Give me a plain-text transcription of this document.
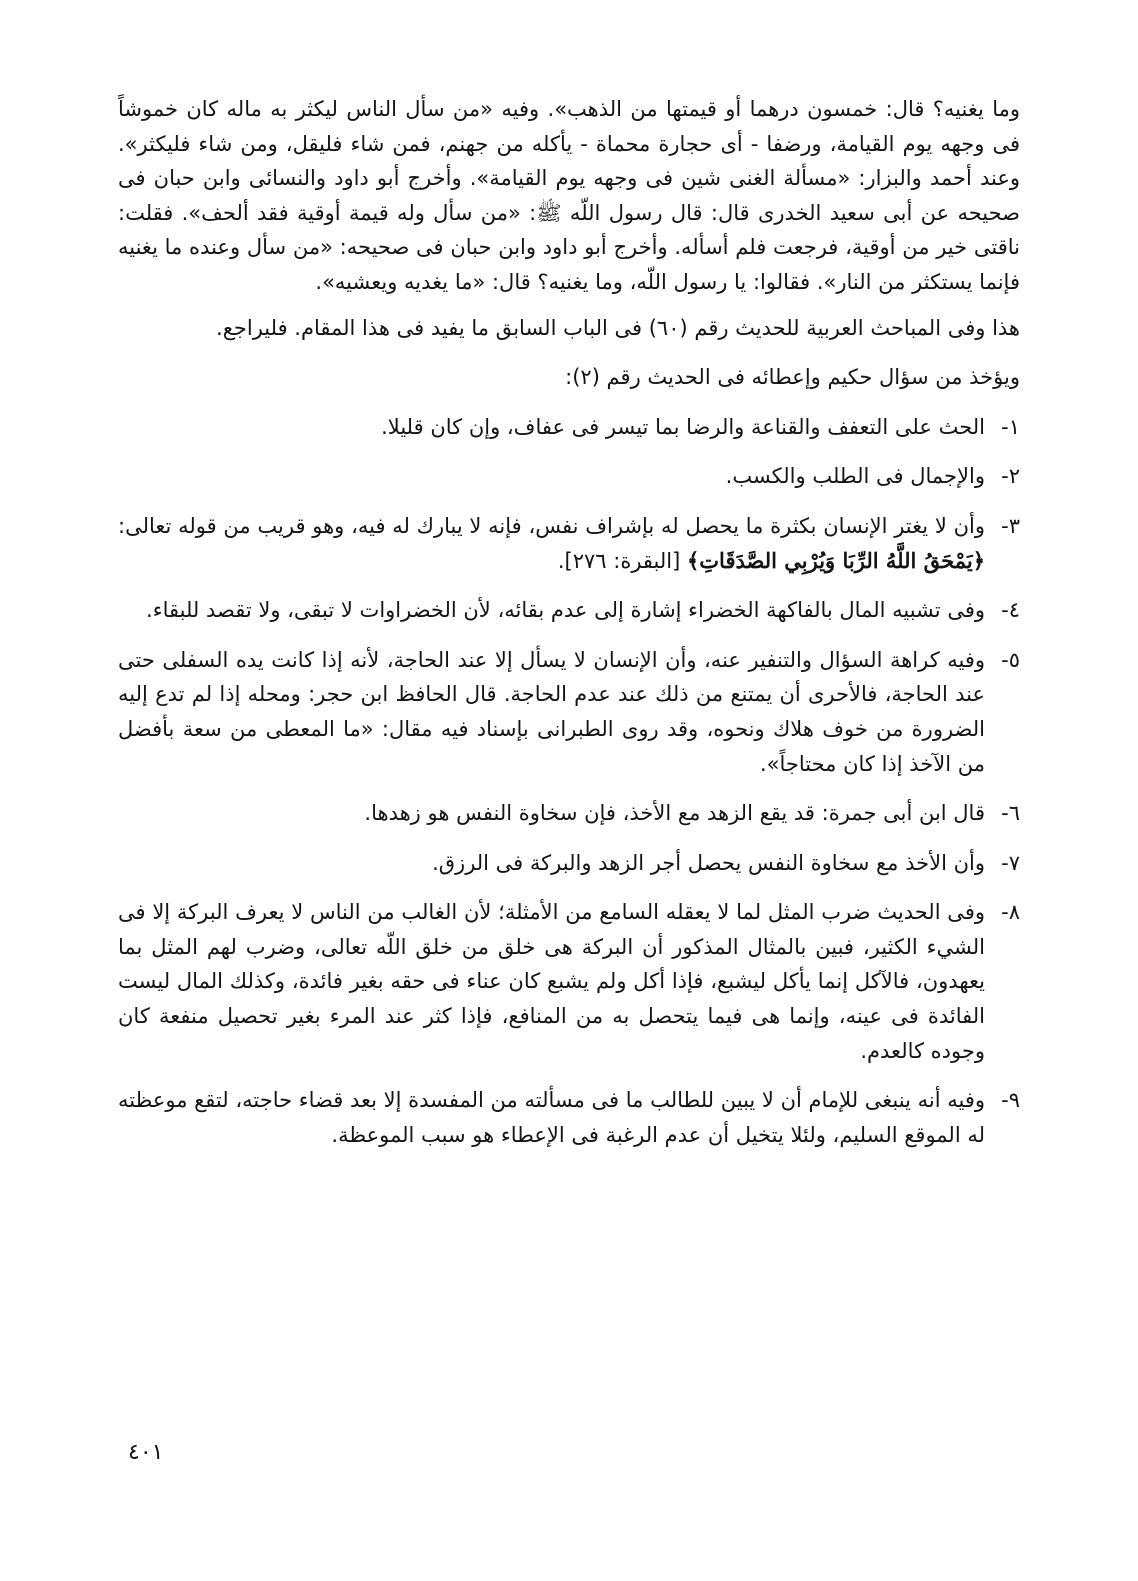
وما يغنيه؟ قال: خمسون درهما أو قيمتها من الذهب». وفيه «من سأل الناس ليكثر به ماله كان خموشاً فى وجهه يوم القيامة، ورضفا - أى حجارة محماة - يأكله من جهنم، فمن شاء فليقل، ومن شاء فليكثر». وعند أحمد والبزار: «مسألة الغنى شين فى وجهه يوم القيامة». وأخرج أبو داود والنسائى وابن حبان فى صحيحه عن أبى سعيد الخدرى قال: قال رسول اللّه ﷺ: «من سأل وله قيمة أوقية فقد ألحف». فقلت: ناقتى خير من أوقية، فرجعت فلم أسأله. وأخرج أبو داود وابن حبان فى صحيحه: «من سأل وعنده ما يغنيه فإنما يستكثر من النار». فقالوا: يا رسول اللّه، وما يغنيه؟ قال: «ما يغديه ويعشيه».

هذا وفى المباحث العربية للحديث رقم (٦٠) فى الباب السابق ما يفيد فى هذا المقام. فليراجع.

ويؤخذ من سؤال حكيم وإعطائه فى الحديث رقم (٢):

١-
الحث على التعفف والقناعة والرضا بما تيسر فى عفاف، وإن كان قليلا.
٢-
والإجمال فى الطلب والكسب.
٣-
وأن لا يغتر الإنسان بكثرة ما يحصل له بإشراف نفس، فإنه لا يبارك له فيه، وهو قريب من قوله تعالى: ﴿يَمْحَقُ اللَّهُ الرِّبَا وَيُرْبِي الصَّدَقَاتِ﴾ [البقرة: ٢٧٦].
٤-
وفى تشبيه المال بالفاكهة الخضراء إشارة إلى عدم بقائه، لأن الخضراوات لا تبقى، ولا تقصد للبقاء.
٥-
وفيه كراهة السؤال والتنفير عنه، وأن الإنسان لا يسأل إلا عند الحاجة، لأنه إذا كانت يده السفلى حتى عند الحاجة، فالأحرى أن يمتنع من ذلك عند عدم الحاجة. قال الحافظ ابن حجر: ومحله إذا لم تدع إليه الضرورة من خوف هلاك ونحوه، وقد روى الطبرانى بإسناد فيه مقال: «ما المعطى من سعة بأفضل من الآخذ إذا كان محتاجاً».
٦-
قال ابن أبى جمرة: قد يقع الزهد مع الأخذ، فإن سخاوة النفس هو زهدها.
٧-
وأن الأخذ مع سخاوة النفس يحصل أجر الزهد والبركة فى الرزق.
٨-
وفى الحديث ضرب المثل لما لا يعقله السامع من الأمثلة؛ لأن الغالب من الناس لا يعرف البركة إلا فى الشيء الكثير، فبين بالمثال المذكور أن البركة هى خلق من خلق اللّه تعالى، وضرب لهم المثل بما يعهدون، فالآكل إنما يأكل ليشبع، فإذا أكل ولم يشبع كان عناء فى حقه بغير فائدة، وكذلك المال ليست الفائدة فى عينه، وإنما هى فيما يتحصل به من المنافع، فإذا كثر عند المرء بغير تحصيل منفعة كان وجوده كالعدم.
٩-
وفيه أنه ينبغى للإمام أن لا يبين للطالب ما فى مسألته من المفسدة إلا بعد قضاء حاجته، لتقع موعظته له الموقع السليم، ولئلا يتخيل أن عدم الرغبة فى الإعطاء هو سبب الموعظة.
٤٠١
